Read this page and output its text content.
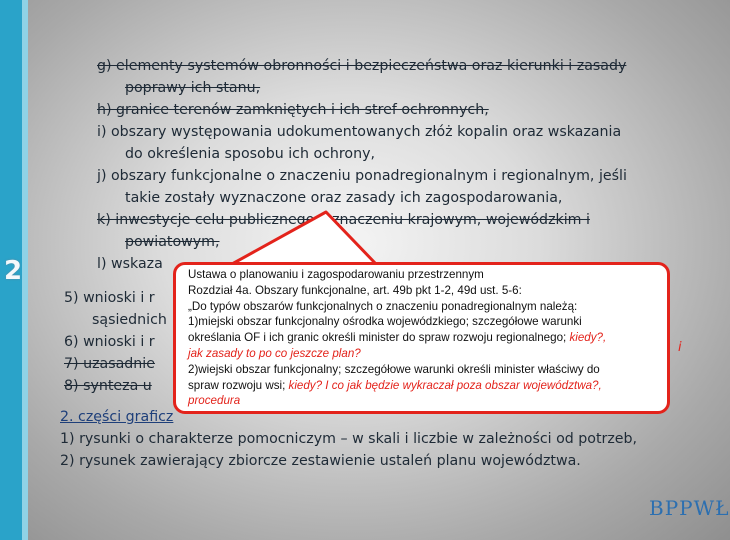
2
g) elementy systemów obronności i bezpieczeństwa oraz kierunki i zasady
poprawy ich stanu,
h) granice terenów zamkniętych i ich stref ochronnych,
i) obszary występowania udokumentowanych złóż kopalin oraz wskazania
do określenia sposobu ich ochrony,
j) obszary funkcjonalne o znaczeniu ponadregionalnym i regionalnym, jeśli
takie zostały wyznaczone oraz zasady ich zagospodarowania,
k) inwestycje celu publicznego o znaczeniu krajowym, wojewódzkim i
powiatowym,
l) wskaza
5) wnioski i r
sąsiednich
6) wnioski i r
7) uzasadnie
8) synteza u
2. części graficz
1) rysunki o charakterze pomocniczym – w skali i liczbie w zależności od potrzeb,
2) rysunek zawierający zbiorcze zestawienie ustaleń planu województwa.
Ustawa o planowaniu i zagospodarowaniu przestrzennym
Rozdział 4a. Obszary funkcjonalne, art. 49b pkt 1-2, 49d ust. 5-6:
„Do typów obszarów funkcjonalnych o znaczeniu ponadregionalnym należą:
1)miejski obszar funkcjonalny ośrodka wojewódzkiego; szczegółowe warunki
określania OF i ich granic określi minister do spraw rozwoju regionalnego; kiedy?,
jak zasady to po co jeszcze plan?
2)wiejski obszar funkcjonalny; szczegółowe warunki określi minister właściwy do
spraw rozwoju wsi; kiedy? I co jak będzie wykraczał poza obszar województwa?,
procedura
i
BPPWŁ
